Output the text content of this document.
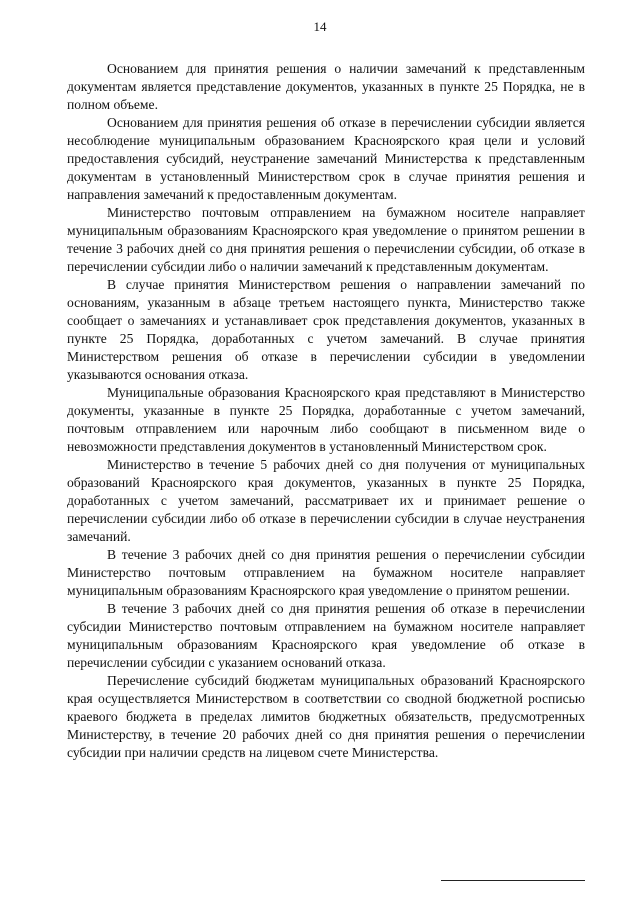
14

Основанием для принятия решения о наличии замечаний к представленным документам является представление документов, указанных в пункте 25 Порядка, не в полном объеме.

Основанием для принятия решения об отказе в перечислении субсидии является несоблюдение муниципальным образованием Красноярского края цели и условий предоставления субсидий, неустранение замечаний Министерства к представленным документам в установленный Министерством срок в случае принятия решения и направления замечаний к предоставленным документам.

Министерство почтовым отправлением на бумажном носителе направляет муниципальным образованиям Красноярского края уведомление о принятом решении в течение 3 рабочих дней со дня принятия решения о перечислении субсидии, об отказе в перечислении субсидии либо о наличии замечаний к представленным документам.

В случае принятия Министерством решения о направлении замечаний по основаниям, указанным в абзаце третьем настоящего пункта, Министерство также сообщает о замечаниях и устанавливает срок представления документов, указанных в пункте 25 Порядка, доработанных с учетом замечаний. В случае принятия Министерством решения об отказе в перечислении субсидии в уведомлении указываются основания отказа.

Муниципальные образования Красноярского края представляют в Министерство документы, указанные в пункте 25 Порядка, доработанные с учетом замечаний, почтовым отправлением или нарочным либо сообщают в письменном виде о невозможности представления документов в установленный Министерством срок.

Министерство в течение 5 рабочих дней со дня получения от муниципальных образований Красноярского края документов, указанных в пункте 25 Порядка, доработанных с учетом замечаний, рассматривает их и принимает решение о перечислении субсидии либо об отказе в перечислении субсидии в случае неустранения замечаний.

В течение 3 рабочих дней со дня принятия решения о перечислении субсидии Министерство почтовым отправлением на бумажном носителе направляет муниципальным образованиям Красноярского края уведомление о принятом решении.

В течение 3 рабочих дней со дня принятия решения об отказе в перечислении субсидии Министерство почтовым отправлением на бумажном носителе направляет муниципальным образованиям Красноярского края уведомление об отказе в перечислении субсидии с указанием оснований отказа.

Перечисление субсидий бюджетам муниципальных образований Красноярского края осуществляется Министерством в соответствии со сводной бюджетной росписью краевого бюджета в пределах лимитов бюджетных обязательств, предусмотренных Министерству, в течение 20 рабочих дней со дня принятия решения о перечислении субсидии при наличии средств на лицевом счете Министерства.
